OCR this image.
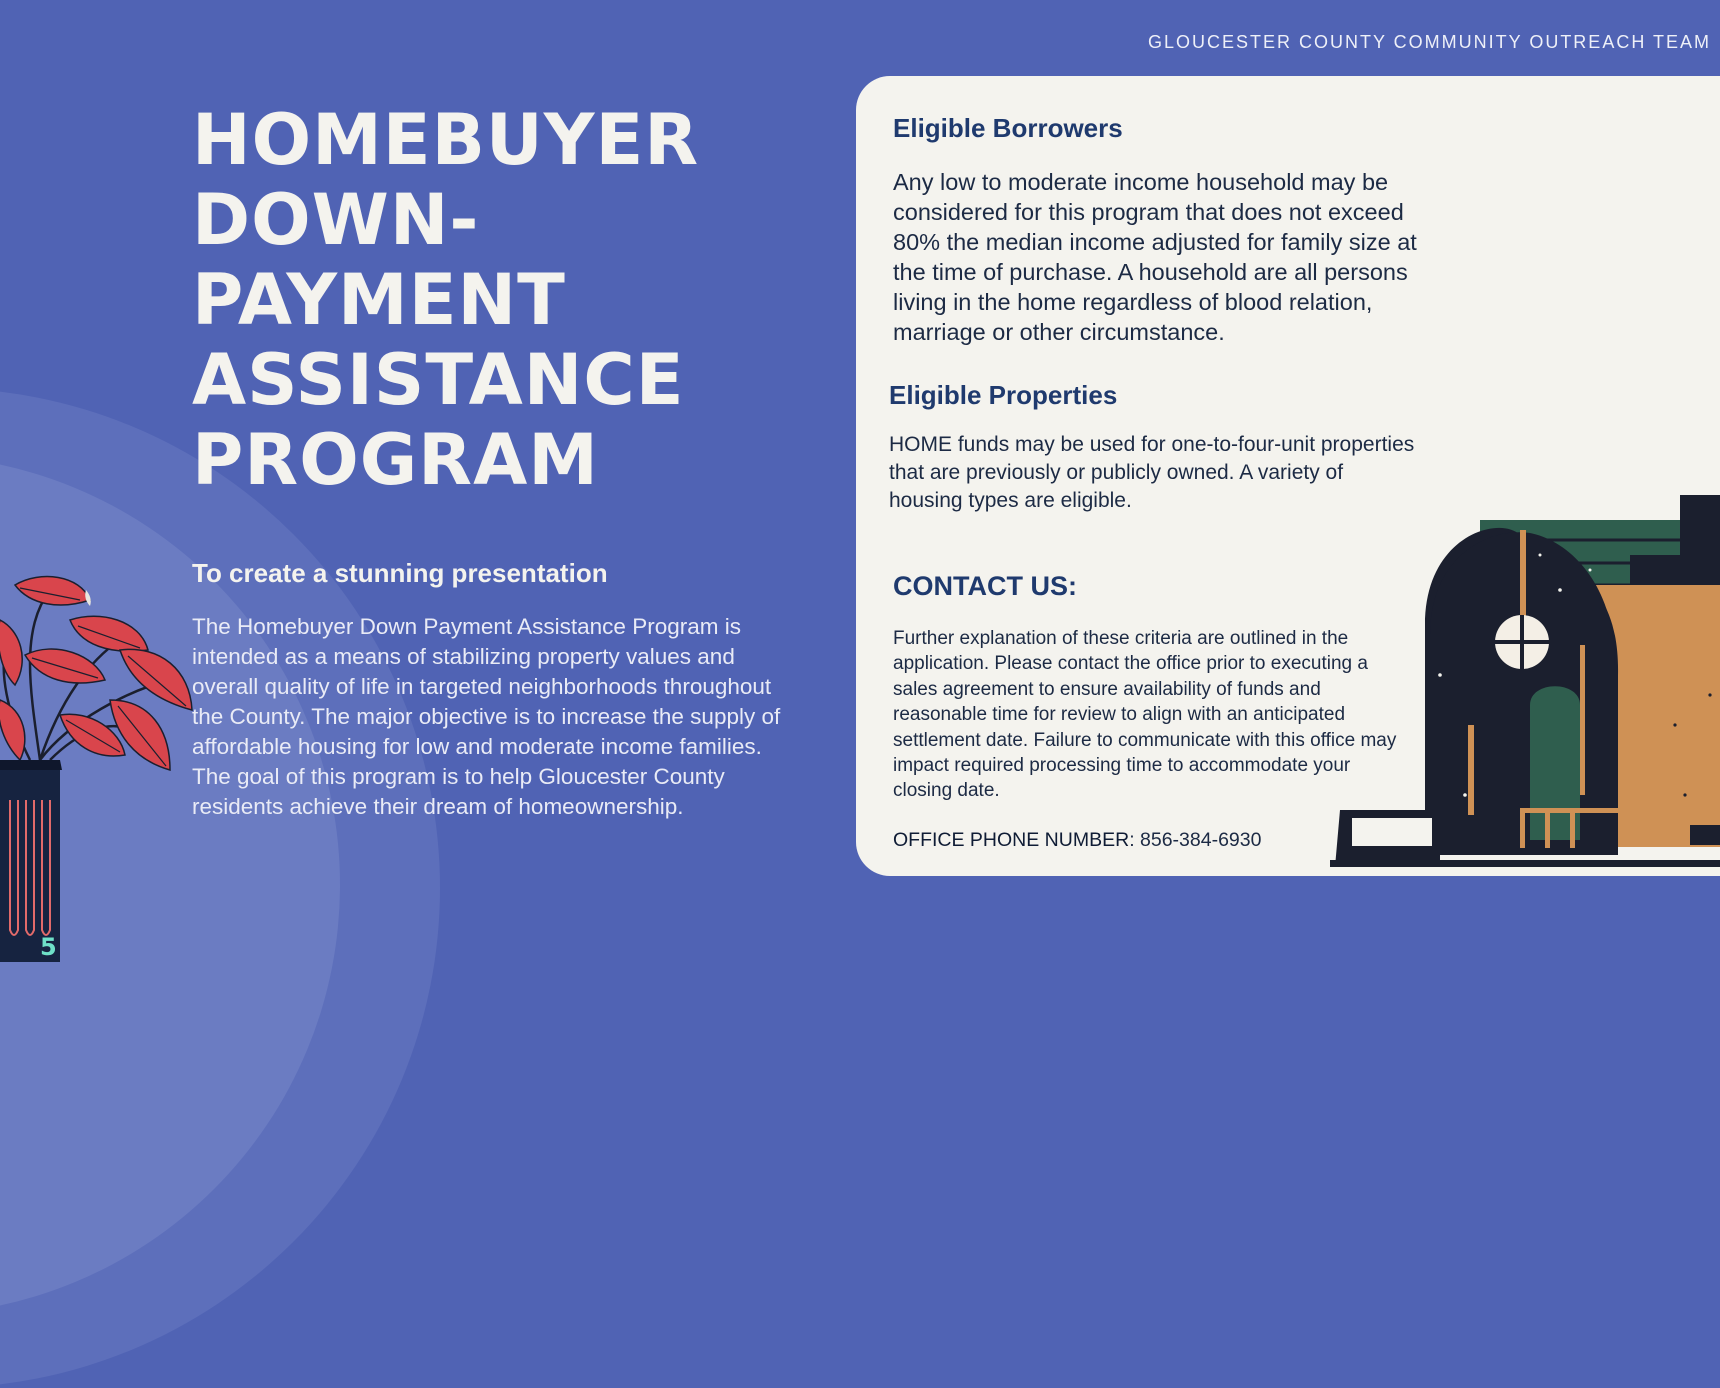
GLOUCESTER COUNTY COMMUNITY OUTREACH TEAM

HOMEBUYER
DOWN-
PAYMENT
ASSISTANCE
PROGRAM
To create a stunning presentation

The Homebuyer Down Payment Assistance Program is intended as a means of stabilizing property values and overall quality of life in targeted neighborhoods throughout the County. The major objective is to increase the supply of affordable housing for low and moderate income families. The goal of this program is to help Gloucester County residents achieve their dream of homeownership.

5
Eligible Borrowers

Any low to moderate income household may be considered for this program that does not exceed 80% the median income adjusted for family size at the time of purchase. A household are all persons living in the home regardless of blood relation, marriage or other circumstance.

Eligible Properties

HOME funds may be used for one-to-four-unit properties that are previously or publicly owned. A variety of housing types are eligible.

CONTACT US:

Further explanation of these criteria are outlined in the application. Please contact the office prior to executing a sales agreement to ensure availability of funds and reasonable time for review to align with an anticipated settlement date. Failure to communicate with this office may impact required processing time to accommodate your closing date.

OFFICE PHONE NUMBER: 856-384-6930
